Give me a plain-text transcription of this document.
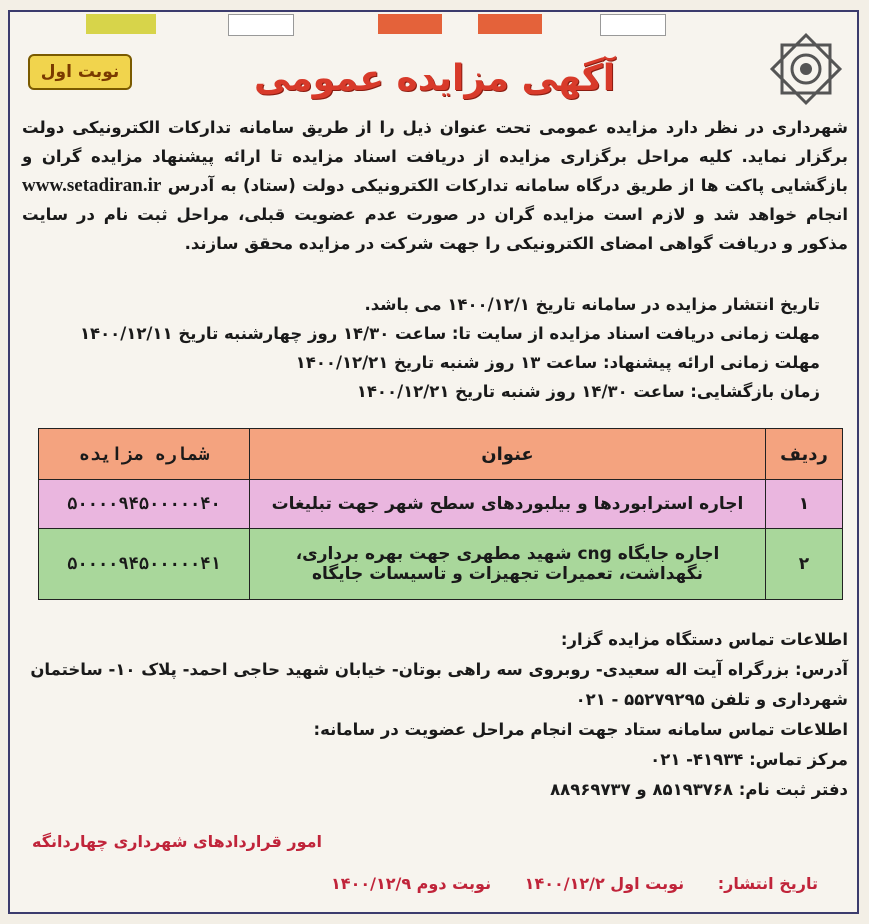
نوبت اول	آگهی مزایده عمومی
شهرداری در نظر دارد مزایده عمومی تحت عنوان ذیل را از طریق سامانه تدارکات الکترونیکی دولت برگزار نماید. کلیه مراحل برگزاری مزایده از دریافت اسناد مزایده تا ارائه پیشنهاد مزایده گران و بازگشایی پاکت ها از طریق درگاه سامانه تدارکات الکترونیکی دولت (ستاد) به آدرس www.setadiran.ir انجام خواهد شد و لازم است مزایده گران در صورت عدم عضویت قبلی، مراحل ثبت نام در سایت مذکور و دریافت گواهی امضای الکترونیکی را جهت شرکت در مزایده محقق سازند.
تاریخ انتشار مزایده در سامانه تاریخ ۱۴۰۰/۱۲/۱ می باشد.
مهلت زمانی دریافت اسناد مزایده از سایت تا: ساعت ۱۴/۳۰ روز چهارشنبه تاریخ ۱۴۰۰/۱۲/۱۱
مهلت زمانی ارائه پیشنهاد: ساعت ۱۳ روز شنبه تاریخ ۱۴۰۰/۱۲/۲۱
زمان بازگشایی: ساعت ۱۴/۳۰ روز شنبه تاریخ ۱۴۰۰/۱۲/۲۱
ردیف	عنوان	شماره مزایده
۱	اجاره استرابوردها و بیلبوردهای سطح شهر جهت تبلیغات	۵۰۰۰۰۹۴۵۰۰۰۰۰۴۰
۲	اجاره جایگاه cng شهید مطهری جهت بهره برداری، نگهداشت، تعمیرات تجهیزات و تاسیسات جایگاه	۵۰۰۰۰۹۴۵۰۰۰۰۰۴۱
اطلاعات تماس دستگاه مزایده گزار:
آدرس: بزرگراه آیت اله سعیدی- روبروی سه راهی بوتان- خیابان شهید حاجی احمد- پلاک ۱۰- ساختمان
شهرداری و تلفن ۵۵۲۷۹۲۹۵ - ۰۲۱
اطلاعات تماس سامانه ستاد جهت انجام مراحل عضویت در سامانه:
مرکز تماس: ۴۱۹۳۴- ۰۲۱
دفتر ثبت نام: ۸۵۱۹۳۷۶۸ و ۸۸۹۶۹۷۳۷
امور قراردادهای شهرداری چهاردانگه
تاریخ انتشار: نوبت اول ۱۴۰۰/۱۲/۲ نوبت دوم ۱۴۰۰/۱۲/۹
